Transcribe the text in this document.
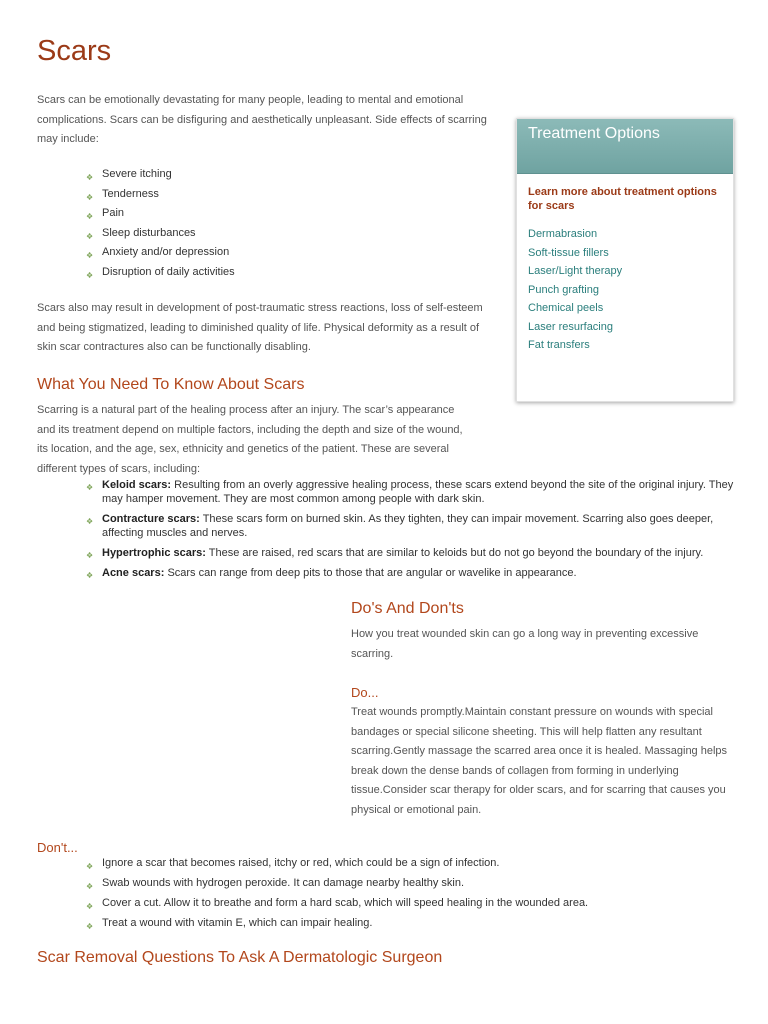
Scars

Scars can be emotionally devastating for many people, leading to mental and emotional complications. Scars can be disfiguring and aesthetically unpleasant. Side effects of scarring may include:

❖ Severe itching
❖ Tenderness
❖ Pain
❖ Sleep disturbances
❖ Anxiety and/or depression
❖ Disruption of daily activities

Scars also may result in development of post-traumatic stress reactions, loss of self-esteem and being stigmatized, leading to diminished quality of life. Physical deformity as a result of skin scar contractures also can be functionally disabling.

What You Need To Know About Scars

Scarring is a natural part of the healing process after an injury. The scar’s appearance and its treatment depend on multiple factors, including the depth and size of the wound, its location, and the age, sex, ethnicity and genetics of the patient. These are several different types of scars, including:

❖ Keloid scars: Resulting from an overly aggressive healing process, these scars extend beyond the site of the original injury. They may hamper movement. They are most common among people with dark skin.
❖ Contracture scars: These scars form on burned skin. As they tighten, they can impair movement. Scarring also goes deeper, affecting muscles and nerves.
❖ Hypertrophic scars: These are raised, red scars that are similar to keloids but do not go beyond the boundary of the injury.
❖ Acne scars: Scars can range from deep pits to those that are angular or wavelike in appearance.
Do's And Don'ts

How you treat wounded skin can go a long way in preventing excessive scarring.

Do...

Treat wounds promptly.Maintain constant pressure on wounds with special bandages or special silicone sheeting. This will help flatten any resultant scarring.Gently massage the scarred area once it is healed. Massaging helps break down the dense bands of collagen from forming in underlying tissue.Consider scar therapy for older scars, and for scarring that causes you physical or emotional pain.

Don't...
❖ Ignore a scar that becomes raised, itchy or red, which could be a sign of infection.
❖ Swab wounds with hydrogen peroxide. It can damage nearby healthy skin.
❖ Cover a cut. Allow it to breathe and form a hard scab, which will speed healing in the wounded area.
❖ Treat a wound with vitamin E, which can impair healing.
Scar Removal Questions To Ask A Dermatologic Surgeon
Treatment Options
Learn more about treatment options for scars
Dermabrasion
Soft-tissue fillers
Laser/Light therapy
Punch grafting
Chemical peels
Laser resurfacing
Fat transfers
